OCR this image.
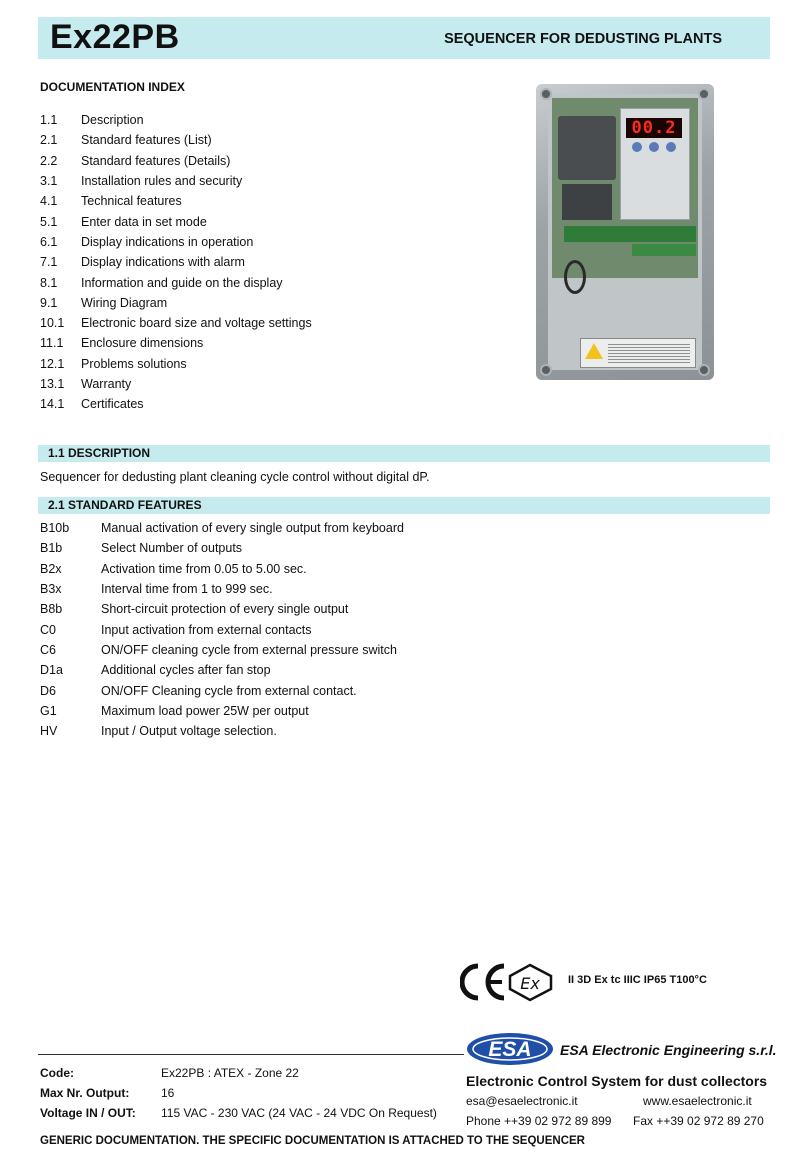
Ex22PB	SEQUENCER FOR DEDUSTING PLANTS
DOCUMENTATION INDEX
1.1	Description
2.1	Standard features (List)
2.2	Standard features (Details)
3.1	Installation rules and security
4.1	Technical features
5.1	Enter data in set mode
6.1	Display indications in operation
7.1	Display indications with alarm
8.1	Information and guide on the display
9.1	Wiring Diagram
10.1	Electronic board size and voltage settings
11.1	Enclosure dimensions
12.1	Problems solutions
13.1	Warranty
14.1	Certificates
00.2
1.1 DESCRIPTION
Sequencer for dedusting plant cleaning cycle control without digital dP.
2.1 STANDARD FEATURES
B10b	Manual activation of every single output from keyboard
B1b	Select Number of outputs
B2x	Activation time from 0.05 to 5.00 sec.
B3x	Interval time from 1 to 999 sec.
B8b	Short-circuit protection of every single output
C0	Input activation from external contacts
C6	ON/OFF cleaning cycle from external pressure switch
D1a	Additional cycles after fan stop
D6	ON/OFF Cleaning cycle from external contact.
G1	Maximum load power 25W per output
HV	Input / Output voltage selection.
Ex	II 3D Ex tc IIIC IP65 T100°C
Code:	Ex22PB : ATEX - Zone 22
Max Nr. Output:	16
Voltage IN / OUT: 115 VAC - 230 VAC (24 VAC - 24 VDC On Request)
ESA ESA Electronic Engineering s.r.l.
Electronic Control System for dust collectors
esa@esaelectronic.it	www.esaelectronic.it
Phone ++39 02 972 89 899 Fax ++39 02 972 89 270
GENERIC DOCUMENTATION. THE SPECIFIC DOCUMENTATION IS ATTACHED TO THE SEQUENCER
